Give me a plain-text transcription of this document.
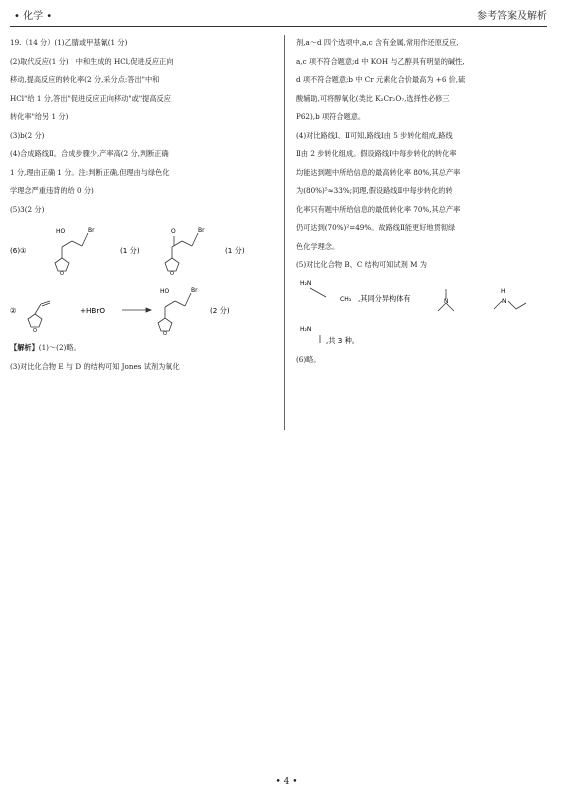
• 化学 •	参考答案及解析

19.（14 分）(1)乙腈或甲基氰(1 分)

(2)取代反应(1 分)　中和生成的 HCl,促进反应正向

移动,提高反应的转化率(2 分,采分点:答出"中和

HCl"给 1 分,答出"促进反应正向移动"或"提高反应

转化率"给另 1 分)

(3)b(2 分)

(4)合成路线Ⅱ。合成步骤少,产率高(2 分,判断正确

1 分,理由正确 1 分。注:判断正确,但理由与绿色化

学理念严重违背的给 0 分)

(5)3(2 分)

(6)①
HO	Br
O
(1 分)
O	Br
O
(1 分)
②
O
+HBrO
HO	Br
O
(2 分)

【解析】(1)～(2)略。

(3)对比化合物 E 与 D 的结构可知 Jones 试剂为氧化

剂,a～d 四个选项中,a,c 含有金属,常用作还原反应,

a,c 项不符合题意;d 中 KOH 与乙醇具有明显的碱性,

d 项不符合题意;b 中 Cr 元素化合价最高为 +6 价,硫

酸辅助,可将醇氧化(类比 K₂Cr₂O₇,选择性必修三

P62),b 项符合题意。

(4)对比路线Ⅰ、Ⅱ可知,路线Ⅰ由 5 步转化组成,路线

Ⅱ由 2 步转化组成。假设路线Ⅰ中每步转化的转化率

均能达到题中所给信息的最高转化率 80%,其总产率

为(80%)⁵≈33%;同理,假设路线Ⅱ中每步转化的转

化率只有题中所给信息的最低转化率 70%,其总产率

仍可达到(70%)²=49%。故路线Ⅱ能更好地贯彻绿

色化学理念。

(5)对比化合物 B、C 结构可知试剂 M 为

H₂N
CH₃ ,其同分异构体有	N
H
N
H₂N
,共 3 种。

(6)略。

• 4 •
